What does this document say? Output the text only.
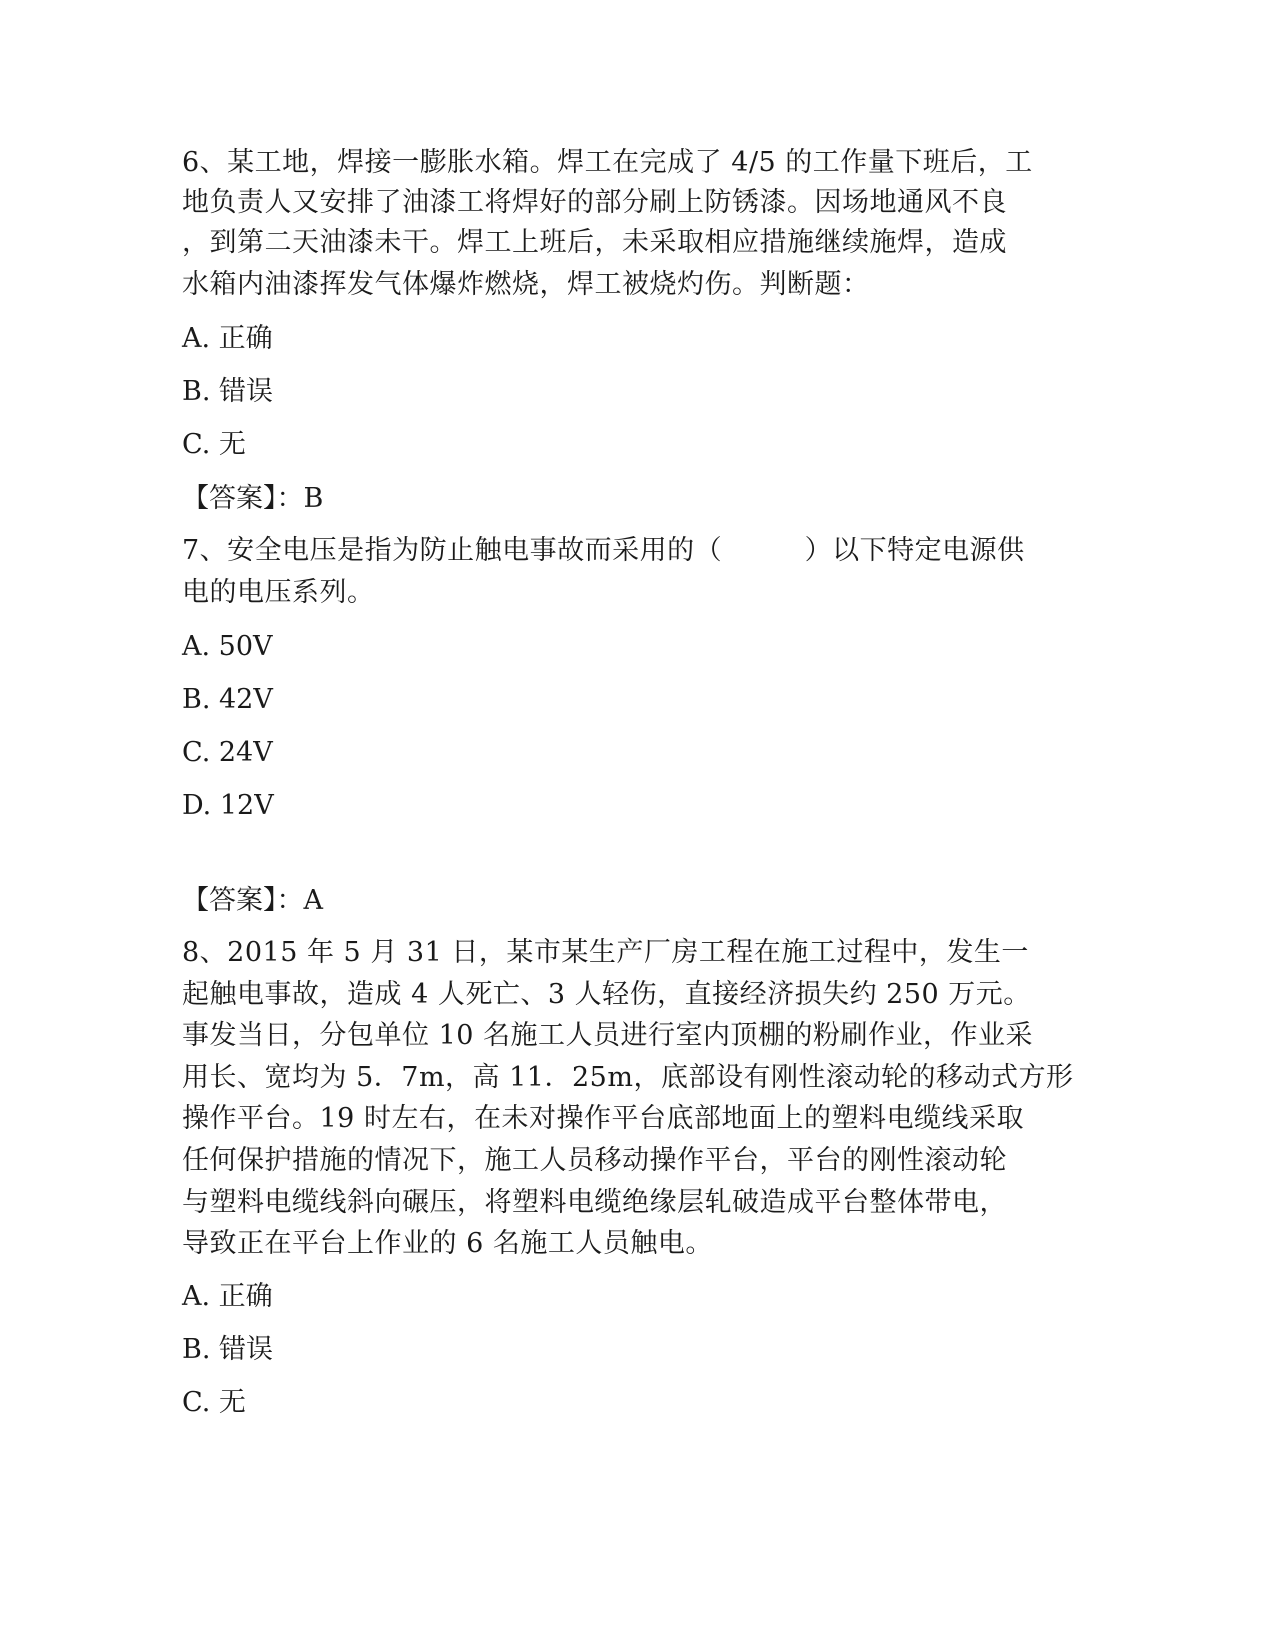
6、某工地，焊接一膨胀水箱。焊工在完成了 4/5 的工作量下班后，工
地负责人又安排了油漆工将焊好的部分刷上防锈漆。因场地通风不良
，到第二天油漆未干。焊工上班后，未采取相应措施继续施焊，造成
水箱内油漆挥发气体爆炸燃烧，焊工被烧灼伤。判断题：
A. 正确
B. 错误
C. 无
【答案】：B
7、安全电压是指为防止触电事故而采用的（　　　）以下特定电源供
电的电压系列。
A. 50V
B. 42V
C. 24V
D. 12V
【答案】：A
8、2015 年 5 月 31 日，某市某生产厂房工程在施工过程中，发生一
起触电事故，造成 4 人死亡、3 人轻伤，直接经济损失约 250 万元。
事发当日，分包单位 10 名施工人员进行室内顶棚的粉刷作业，作业采
用长、宽均为 5．7m，高 11．25m，底部设有刚性滚动轮的移动式方形
操作平台。19 时左右，在未对操作平台底部地面上的塑料电缆线采取
任何保护措施的情况下，施工人员移动操作平台，平台的刚性滚动轮
与塑料电缆线斜向碾压，将塑料电缆绝缘层轧破造成平台整体带电，
导致正在平台上作业的 6 名施工人员触电。
A. 正确
B. 错误
C. 无
